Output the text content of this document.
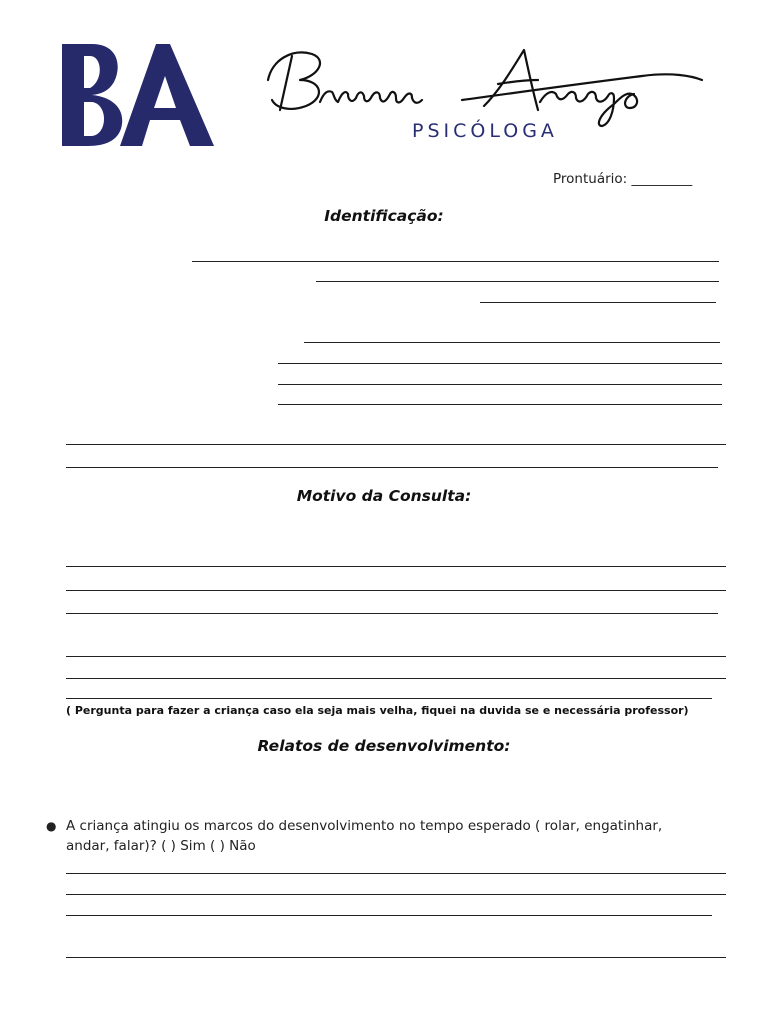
PSICÓLOGA
Prontuário: _________
Identificação:
Motivo da Consulta:
( Pergunta para fazer a criança caso ela seja mais velha, fiquei na duvida se e necessária professor)
Relatos de desenvolvimento:
● A criança atingiu os marcos do desenvolvimento no tempo esperado ( rolar, engatinhar, andar, falar)? ( ) Sim ( ) Não
